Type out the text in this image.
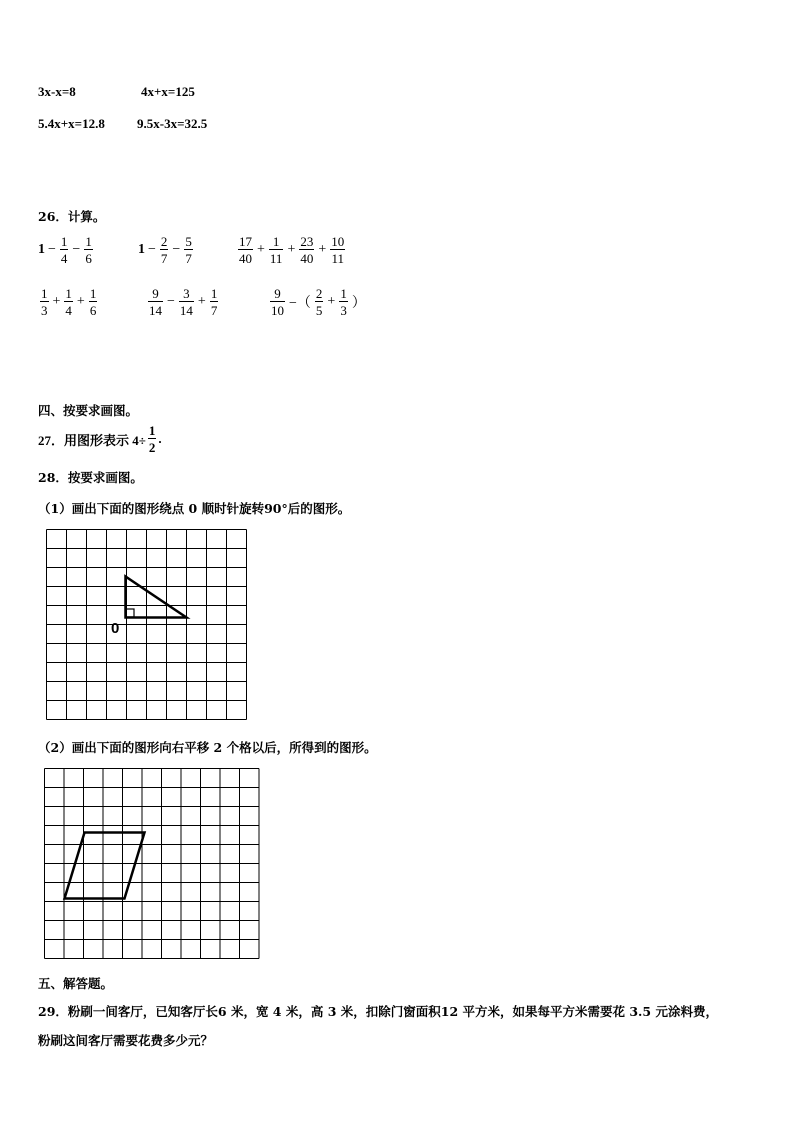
3x-x=8	4x+x=125
5.4x+x=12.8 9.5x-3x=32.5
26．计算。
$1 - \frac{1}{4} - \frac{1}{6}$	$1 - \frac{2}{7} - \frac{5}{7}$	$\frac{17}{40} + \frac{1}{11} + \frac{23}{40} + \frac{10}{11}$
$\frac{1}{3} + \frac{1}{4} + \frac{1}{6}$	$\frac{9}{14} - \frac{3}{14} + \frac{1}{7}$	$\frac{9}{10}$ −（ $\frac{2}{5} + \frac{1}{3}$ ）
四、按要求画图。
27．用图形表示 $4\div \frac{1}{2}$ .
28．按要求画图。
（1）画出下面的图形绕点 0 顺时针旋转90°后的图形。
0
（2）画出下面的图形向右平移 2 个格以后，所得到的图形。
五、解答题。
29．粉刷一间客厅，已知客厅长6 米，宽 4 米，高 3 米，扣除门窗面积12 平方米，如果每平方米需要花 3.5 元涂料费，
粉刷这间客厅需要花费多少元？
